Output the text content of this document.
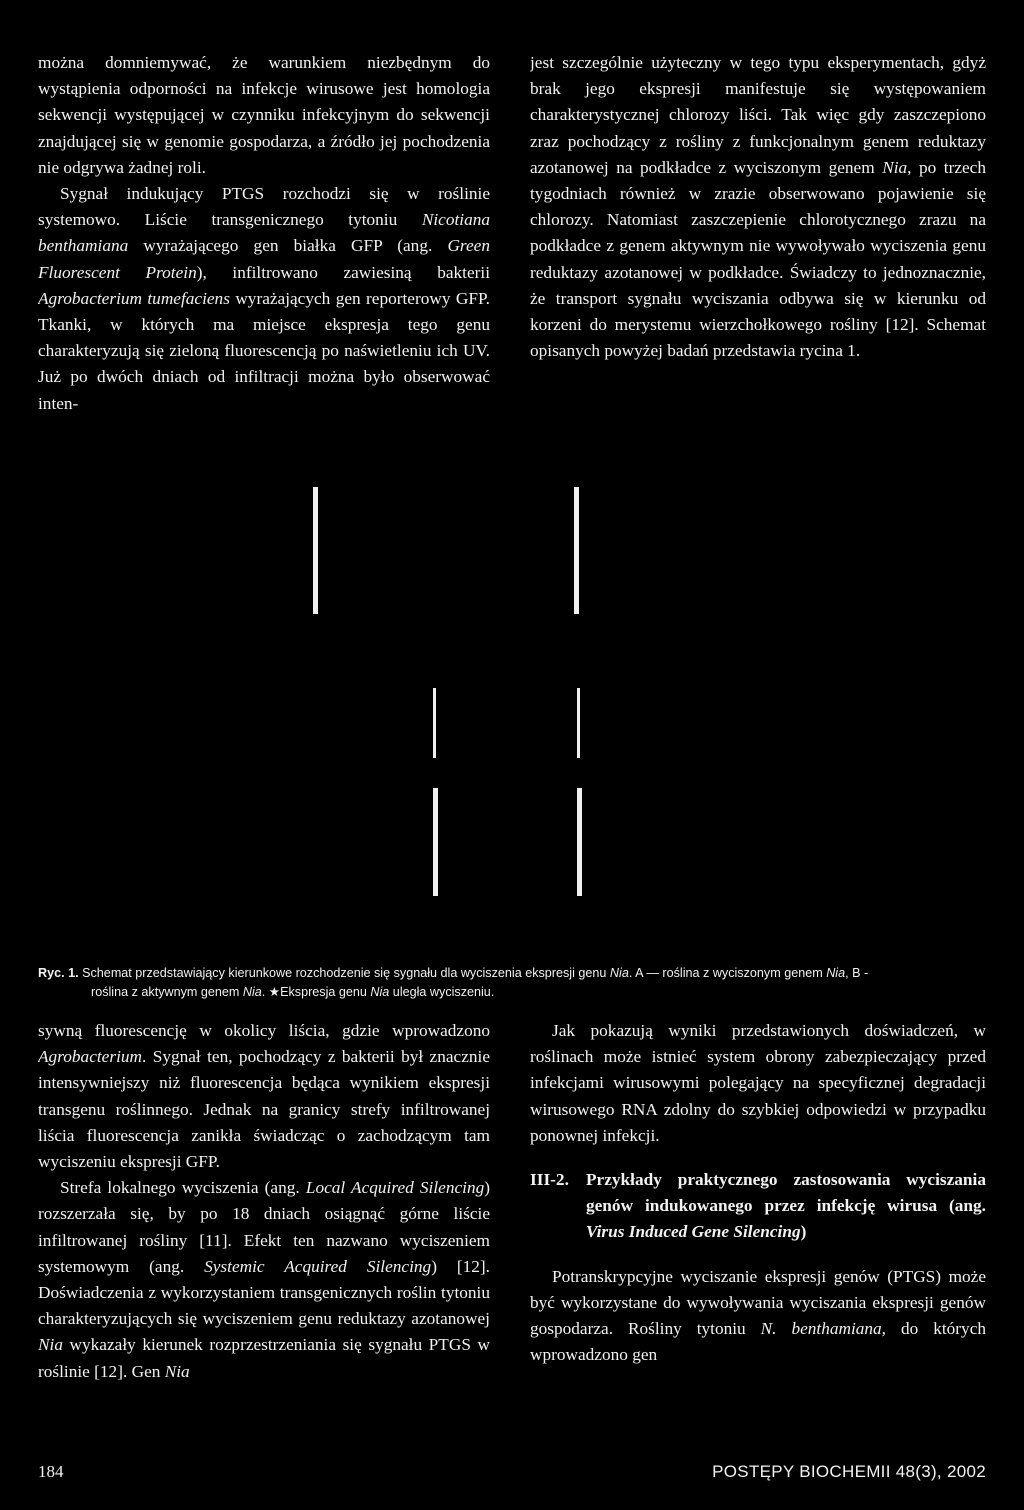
można domniemywać, że warunkiem niezbędnym do wystąpienia odporności na infekcje wirusowe jest homologia sekwencji występującej w czynniku infekcyjnym do sekwencji znajdującej się w genomie gospodarza, a źródło jej pochodzenia nie odgrywa żadnej roli.

Sygnał indukujący PTGS rozchodzi się w roślinie systemowo. Liście transgenicznego tytoniu Nicotiana benthamiana wyrażającego gen białka GFP (ang. Green Fluorescent Protein), infiltrowano zawiesiną bakterii Agrobacterium tumefaciens wyrażających gen reporterowy GFP. Tkanki, w których ma miejsce ekspresja tego genu charakteryzują się zieloną fluorescencją po naświetleniu ich UV. Już po dwóch dniach od infiltracji można było obserwować inten-

jest szczególnie użyteczny w tego typu eksperymentach, gdyż brak jego ekspresji manifestuje się występowaniem charakterystycznej chlorozy liści. Tak więc gdy zaszczepiono zraz pochodzący z rośliny z funkcjonalnym genem reduktazy azotanowej na podkładce z wyciszonym genem Nia, po trzech tygodniach również w zrazie obserwowano pojawienie się chlorozy. Natomiast zaszczepienie chlorotycznego zrazu na podkładce z genem aktywnym nie wywoływało wyciszenia genu reduktazy azotanowej w podkładce. Świadczy to jednoznacznie, że transport sygnału wyciszania odbywa się w kierunku od korzeni do merystemu wierzchołkowego rośliny [12]. Schemat opisanych powyżej badań przedstawia rycina 1.

Ryc. 1. Schemat przedstawiający kierunkowe rozchodzenie się sygnału dla wyciszenia ekspresji genu Nia. A — roślina z wyciszonym genem Nia, B -
roślina z aktywnym genem Nia. ★Ekspresja genu Nia uległa wyciszeniu.

sywną fluorescencję w okolicy liścia, gdzie wprowadzono Agrobacterium. Sygnał ten, pochodzący z bakterii był znacznie intensywniejszy niż fluorescencja będąca wynikiem ekspresji transgenu roślinnego. Jednak na granicy strefy infiltrowanej liścia fluorescencja zanikła świadcząc o zachodzącym tam wyciszeniu ekspresji GFP.

Strefa lokalnego wyciszenia (ang. Local Acquired Silencing) rozszerzała się, by po 18 dniach osiągnąć górne liście infiltrowanej rośliny [11]. Efekt ten nazwano wyciszeniem systemowym (ang. Systemic Acquired Silencing) [12]. Doświadczenia z wykorzystaniem transgenicznych roślin tytoniu charakteryzujących się wyciszeniem genu reduktazy azotanowej Nia wykazały kierunek rozprzestrzeniania się sygnału PTGS w roślinie [12]. Gen Nia

Jak pokazują wyniki przedstawionych doświadczeń, w roślinach może istnieć system obrony zabezpieczający przed infekcjami wirusowymi polegający na specyficznej degradacji wirusowego RNA zdolny do szybkiej odpowiedzi w przypadku ponownej infekcji.

III-2. Przykłady praktycznego zastosowania wyciszania genów indukowanego przez infekcję wirusa (ang. Virus Induced Gene Silencing)

Potranskrypcyjne wyciszanie ekspresji genów (PTGS) może być wykorzystane do wywoływania wyciszania ekspresji genów gospodarza. Rośliny tytoniu N. benthamiana, do których wprowadzono gen

184	POSTĘPY BIOCHEMII 48(3), 2002
